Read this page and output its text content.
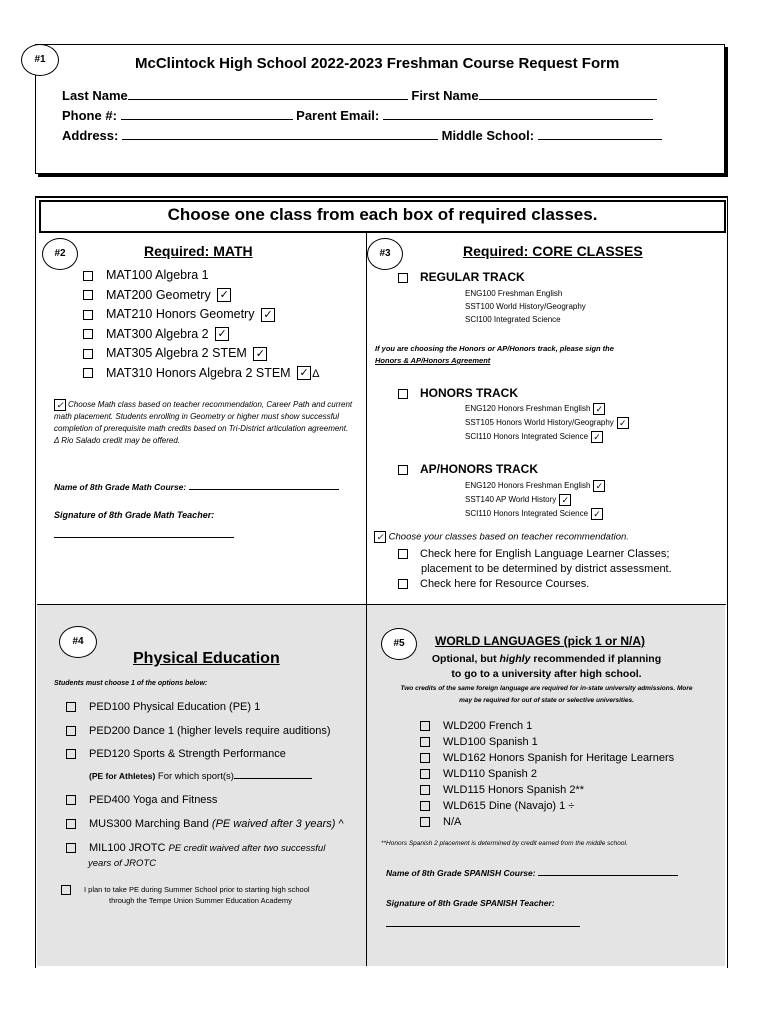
#1	McClintock High School 2022-2023 Freshman Course Request Form
Last Name	First Name
Phone #:	Parent Email:
Address:	Middle School:
Choose one class from each box of required classes.
#2	Required: MATH
MAT100 Algebra 1
MAT200 Geometry ✓
MAT210 Honors Geometry ✓
MAT300 Algebra 2 ✓
MAT305 Algebra 2 STEM ✓
MAT310 Honors Algebra 2 STEM ✓ Δ
✓ Choose Math class based on teacher recommendation, Career Path and current math placement. Students enrolling in Geometry or higher must show successful completion of prerequisite math credits based on Tri-District articulation agreement.
Δ Rio Salado credit may be offered.
Name of 8th Grade Math Course:
Signature of 8th Grade Math Teacher:
#3	Required: CORE CLASSES
REGULAR TRACK
ENG100 Freshman English
SST100 World History/Geography
SCI100 Integrated Science
If you are choosing the Honors or AP/Honors track, please sign the
Honors & AP/Honors Agreement
HONORS TRACK
ENG120 Honors Freshman English ✓
SST105 Honors World History/Geography ✓
SCI110 Honors Integrated Science ✓
AP/HONORS TRACK
ENG120 Honors Freshman English ✓
SST140 AP World History ✓
SCI110 Honors Integrated Science ✓
✓ Choose your classes based on teacher recommendation.
Check here for English Language Learner Classes;
placement to be determined by district assessment.
Check here for Resource Courses.
#4
Physical Education
Students must choose 1 of the options below:
PED100 Physical Education (PE) 1
PED200 Dance 1 (higher levels require auditions)
PED120 Sports & Strength Performance
(PE for Athletes) For which sport(s)
PED400 Yoga and Fitness
MUS300 Marching Band (PE waived after 3 years) ^
MIL100 JROTC PE credit waived after two successful
years of JROTC
I plan to take PE during Summer School prior to starting high school
through the Tempe Union Summer Education Academy
#5	WORLD LANGUAGES (pick 1 or N/A)
Optional, but highly recommended if planning
to go to a university after high school.
Two credits of the same foreign language are required for in-state university admissions. More
may be required for out of state or selective universities.
WLD200 French 1
WLD100 Spanish 1
WLD162 Honors Spanish for Heritage Learners
WLD110 Spanish 2
WLD115 Honors Spanish 2**
WLD615 Dine (Navajo) 1 ÷
N/A
**Honors Spanish 2 placement is determined by credit earned from the middle school.
Name of 8th Grade SPANISH Course:
Signature of 8th Grade SPANISH Teacher:
